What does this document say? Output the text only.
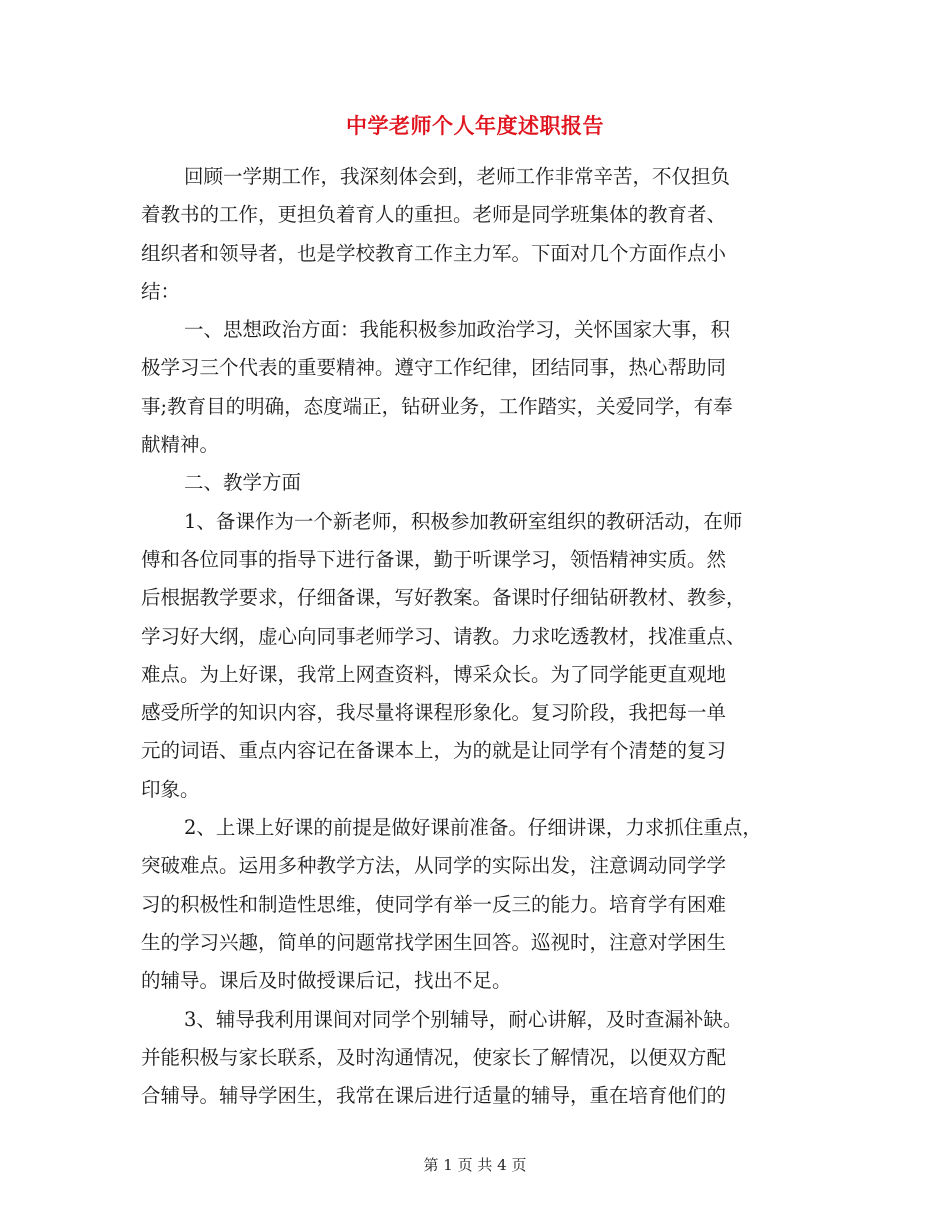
中学老师个人年度述职报告

回顾一学期工作，我深刻体会到，老师工作非常辛苦，不仅担负
着教书的工作，更担负着育人的重担。老师是同学班集体的教育者、
组织者和领导者，也是学校教育工作主力军。下面对几个方面作点小
结：

一、思想政治方面：我能积极参加政治学习，关怀国家大事，积
极学习三个代表的重要精神。遵守工作纪律，团结同事，热心帮助同
事;教育目的明确，态度端正，钻研业务，工作踏实，关爱同学，有奉
献精神。

二、教学方面

1、备课作为一个新老师，积极参加教研室组织的教研活动，在师
傅和各位同事的指导下进行备课，勤于听课学习，领悟精神实质。然
后根据教学要求，仔细备课，写好教案。备课时仔细钻研教材、教参，
学习好大纲，虚心向同事老师学习、请教。力求吃透教材，找准重点、
难点。为上好课，我常上网查资料，博采众长。为了同学能更直观地
感受所学的知识内容，我尽量将课程形象化。复习阶段，我把每一单
元的词语、重点内容记在备课本上，为的就是让同学有个清楚的复习
印象。

2、上课上好课的前提是做好课前准备。仔细讲课，力求抓住重点，
突破难点。运用多种教学方法，从同学的实际出发，注意调动同学学
习的积极性和制造性思维，使同学有举一反三的能力。培育学有困难
生的学习兴趣，简单的问题常找学困生回答。巡视时，注意对学困生
的辅导。课后及时做授课后记，找出不足。

3、辅导我利用课间对同学个别辅导，耐心讲解，及时查漏补缺。
并能积极与家长联系，及时沟通情况，使家长了解情况，以便双方配
合辅导。辅导学困生，我常在课后进行适量的辅导，重在培育他们的

第 1 页 共 4 页
